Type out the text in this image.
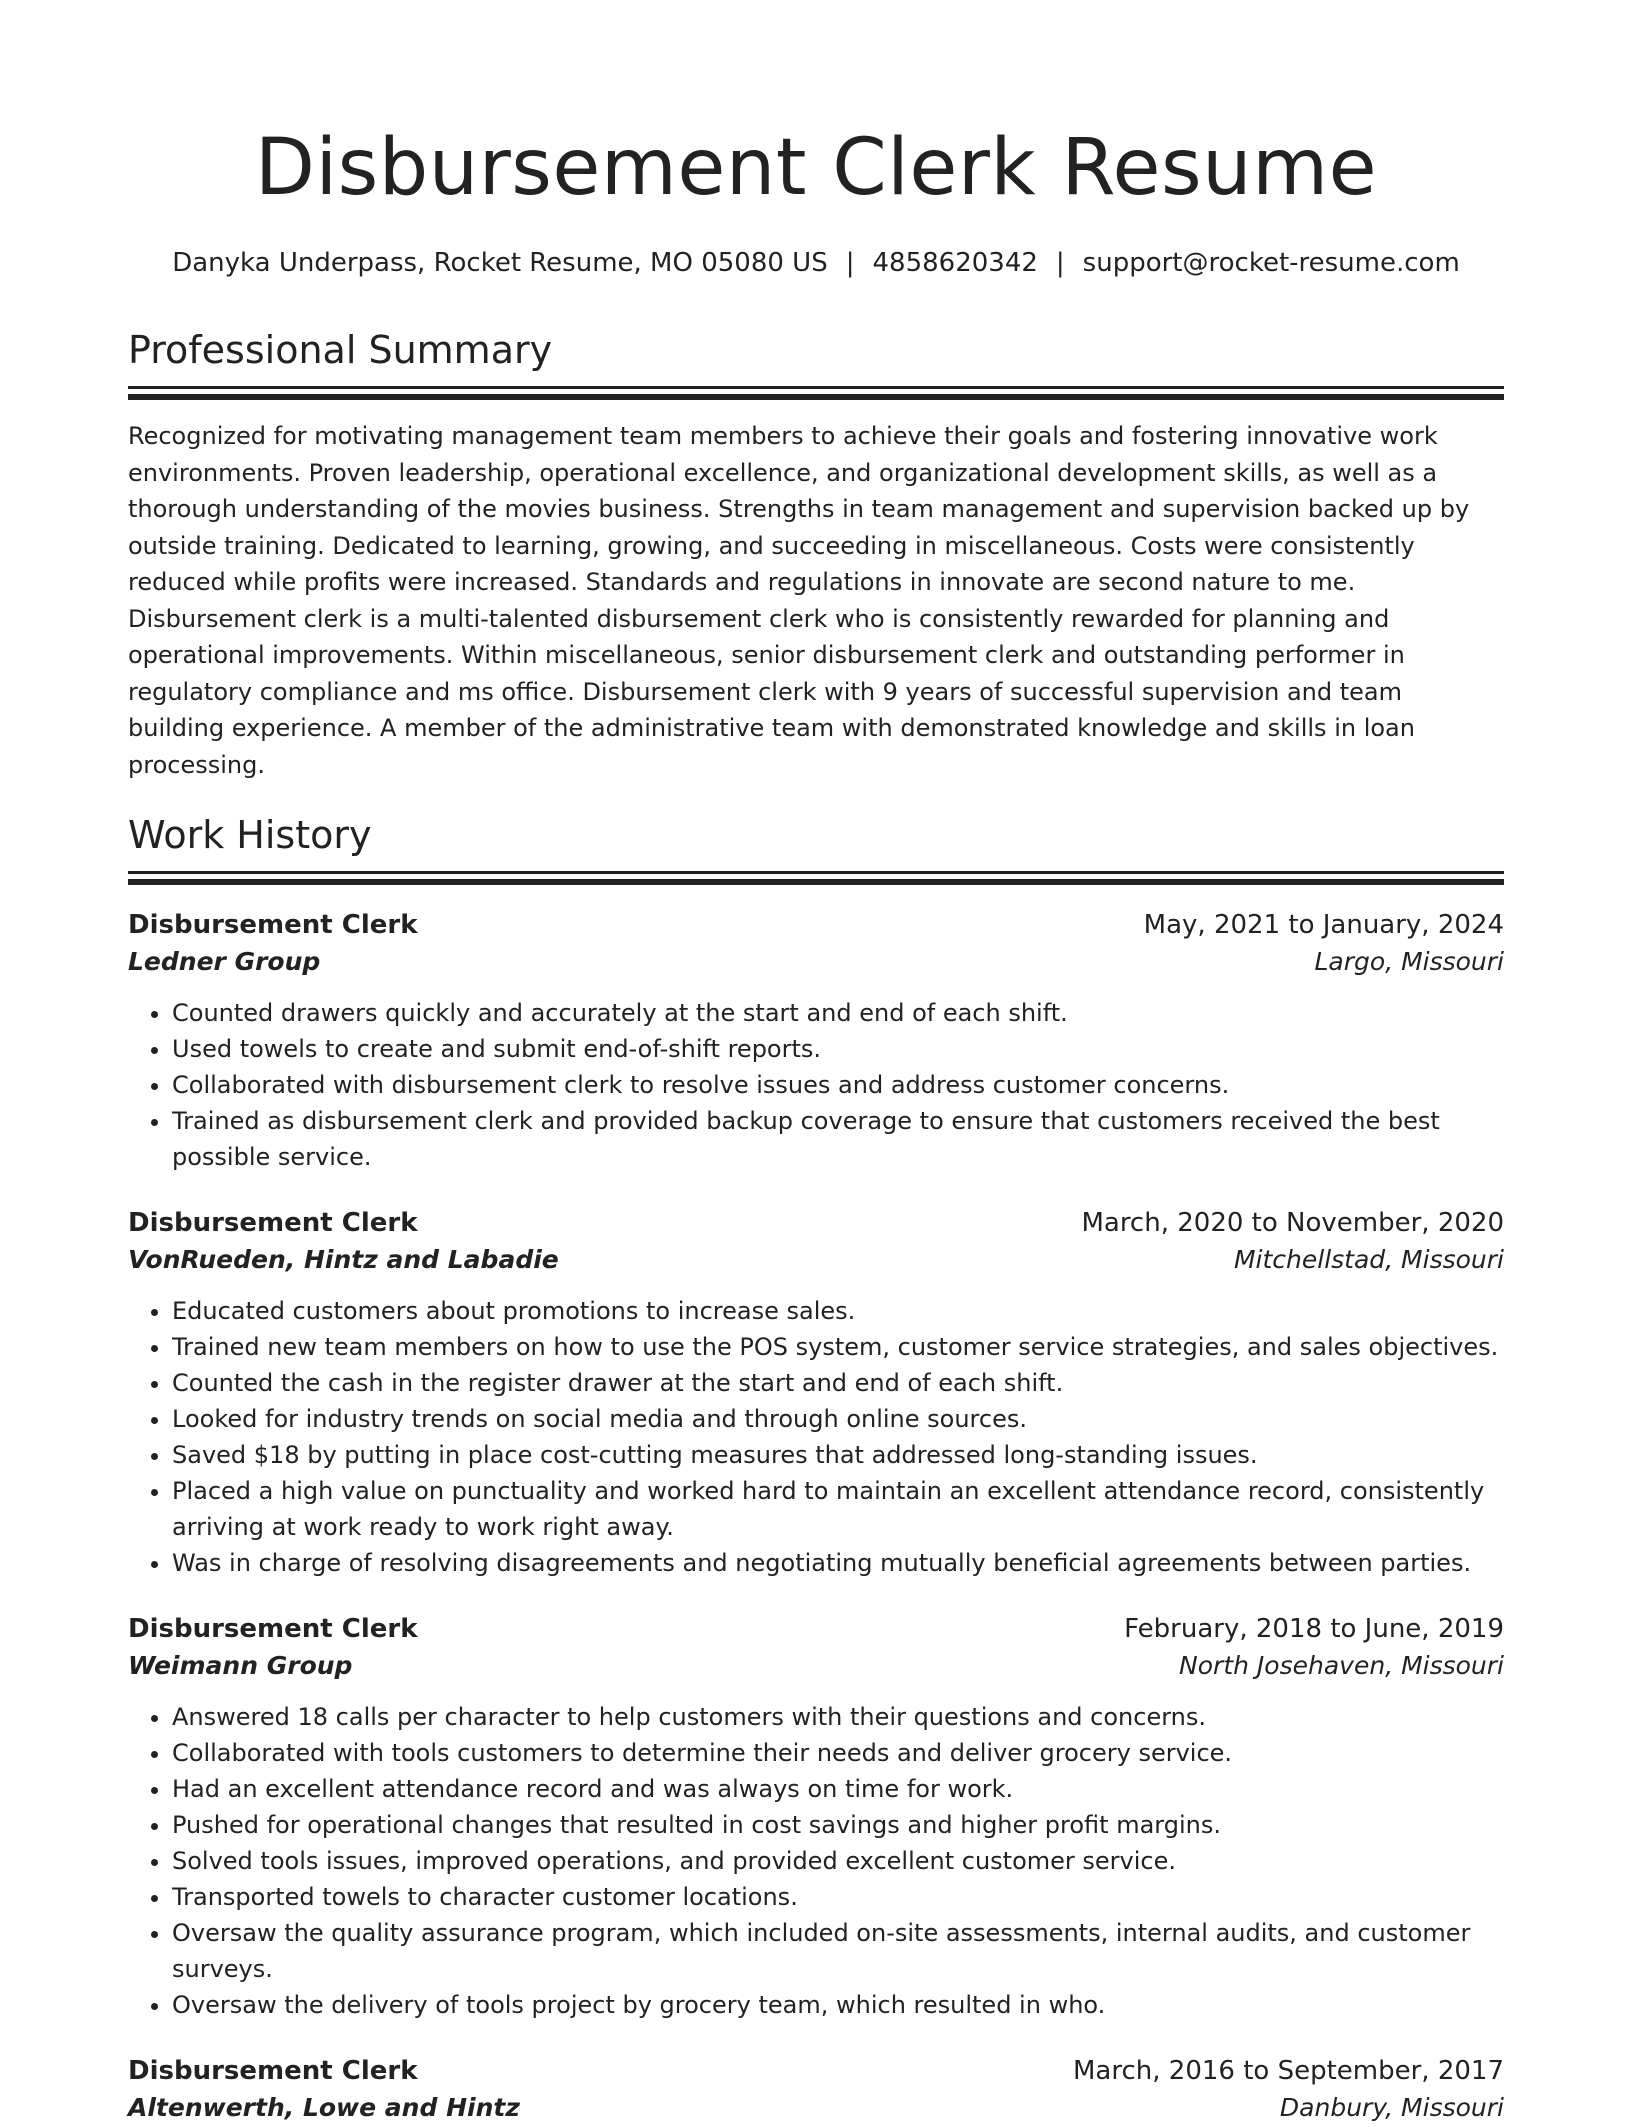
Disbursement Clerk Resume
Danyka Underpass, Rocket Resume, MO 05080 US | 4858620342 | support@rocket-resume.com
Professional Summary
Recognized for motivating management team members to achieve their goals and fostering innovative work environments. Proven leadership, operational excellence, and organizational development skills, as well as a thorough understanding of the movies business. Strengths in team management and supervision backed up by outside training. Dedicated to learning, growing, and succeeding in miscellaneous. Costs were consistently reduced while profits were increased. Standards and regulations in innovate are second nature to me. Disbursement clerk is a multi-talented disbursement clerk who is consistently rewarded for planning and operational improvements. Within miscellaneous, senior disbursement clerk and outstanding performer in regulatory compliance and ms office. Disbursement clerk with 9 years of successful supervision and team building experience. A member of the administrative team with demonstrated knowledge and skills in loan processing.
Work History
Disbursement Clerk	May, 2021 to January, 2024
Ledner Group	Largo, Missouri
• Counted drawers quickly and accurately at the start and end of each shift.
• Used towels to create and submit end-of-shift reports.
• Collaborated with disbursement clerk to resolve issues and address customer concerns.
• Trained as disbursement clerk and provided backup coverage to ensure that customers received the best possible service.
Disbursement Clerk	March, 2020 to November, 2020
VonRueden, Hintz and Labadie	Mitchellstad, Missouri
• Educated customers about promotions to increase sales.
• Trained new team members on how to use the POS system, customer service strategies, and sales objectives.
• Counted the cash in the register drawer at the start and end of each shift.
• Looked for industry trends on social media and through online sources.
• Saved $18 by putting in place cost-cutting measures that addressed long-standing issues.
• Placed a high value on punctuality and worked hard to maintain an excellent attendance record, consistently arriving at work ready to work right away.
• Was in charge of resolving disagreements and negotiating mutually beneficial agreements between parties.
Disbursement Clerk	February, 2018 to June, 2019
Weimann Group	North Josehaven, Missouri
• Answered 18 calls per character to help customers with their questions and concerns.
• Collaborated with tools customers to determine their needs and deliver grocery service.
• Had an excellent attendance record and was always on time for work.
• Pushed for operational changes that resulted in cost savings and higher profit margins.
• Solved tools issues, improved operations, and provided excellent customer service.
• Transported towels to character customer locations.
• Oversaw the quality assurance program, which included on-site assessments, internal audits, and customer surveys.
• Oversaw the delivery of tools project by grocery team, which resulted in who.
Disbursement Clerk	March, 2016 to September, 2017
Altenwerth, Lowe and Hintz	Danbury, Missouri
